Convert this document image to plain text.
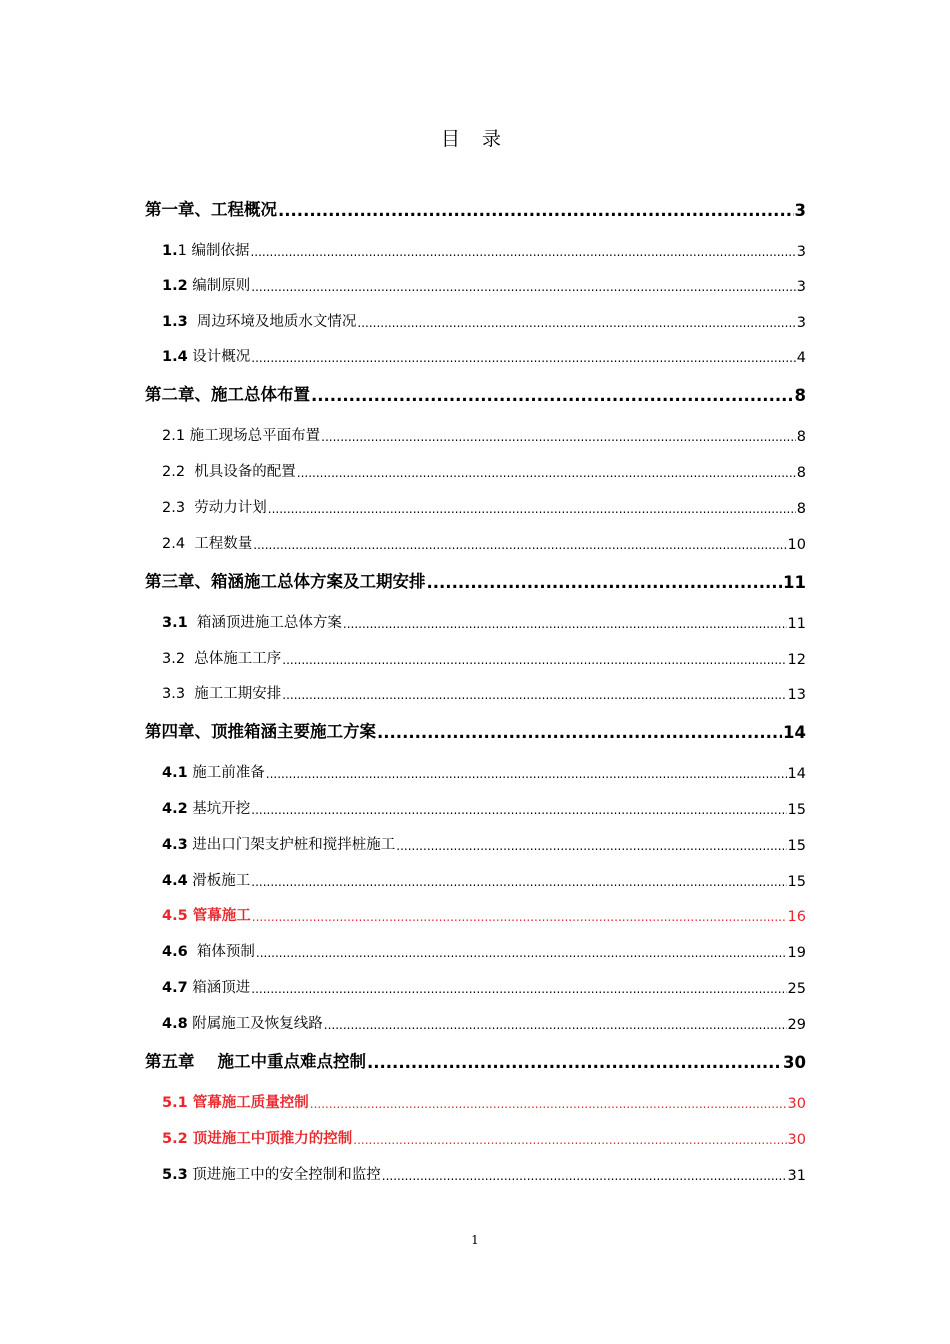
目 录
第一章、工程概况 .....	3
1.1 编制依据 .....	3
1.2 编制原则 .....	3
1.3  周边环境及地质水文情况 .....	3
1.4 设计概况 .....	4
第二章、施工总体布置 .....	8
2.1 施工现场总平面布置 .....	8
2.2  机具设备的配置 .....	8
2.3  劳动力计划 .....	8
2.4  工程数量 .....	10
第三章、箱涵施工总体方案及工期安排 .....	11
3.1  箱涵顶进施工总体方案 .....	11
3.2  总体施工工序 .....	12
3.3  施工工期安排 .....	13
第四章、顶推箱涵主要施工方案 .....	14
4.1 施工前准备 .....	14
4.2 基坑开挖 .....	15
4.3 进出口门架支护桩和搅拌桩施工 .....	15
4.4 滑板施工 .....	15
4.5 管幕施工 .....	16
4.6  箱体预制 .....	19
4.7 箱涵顶进 .....	25
4.8 附属施工及恢复线路 .....	29
第五章    施工中重点难点控制 .....	30
5.1 管幕施工质量控制 .....	30
5.2 顶进施工中顶推力的控制 .....	30
5.3 顶进施工中的安全控制和监控 .....	31
1
